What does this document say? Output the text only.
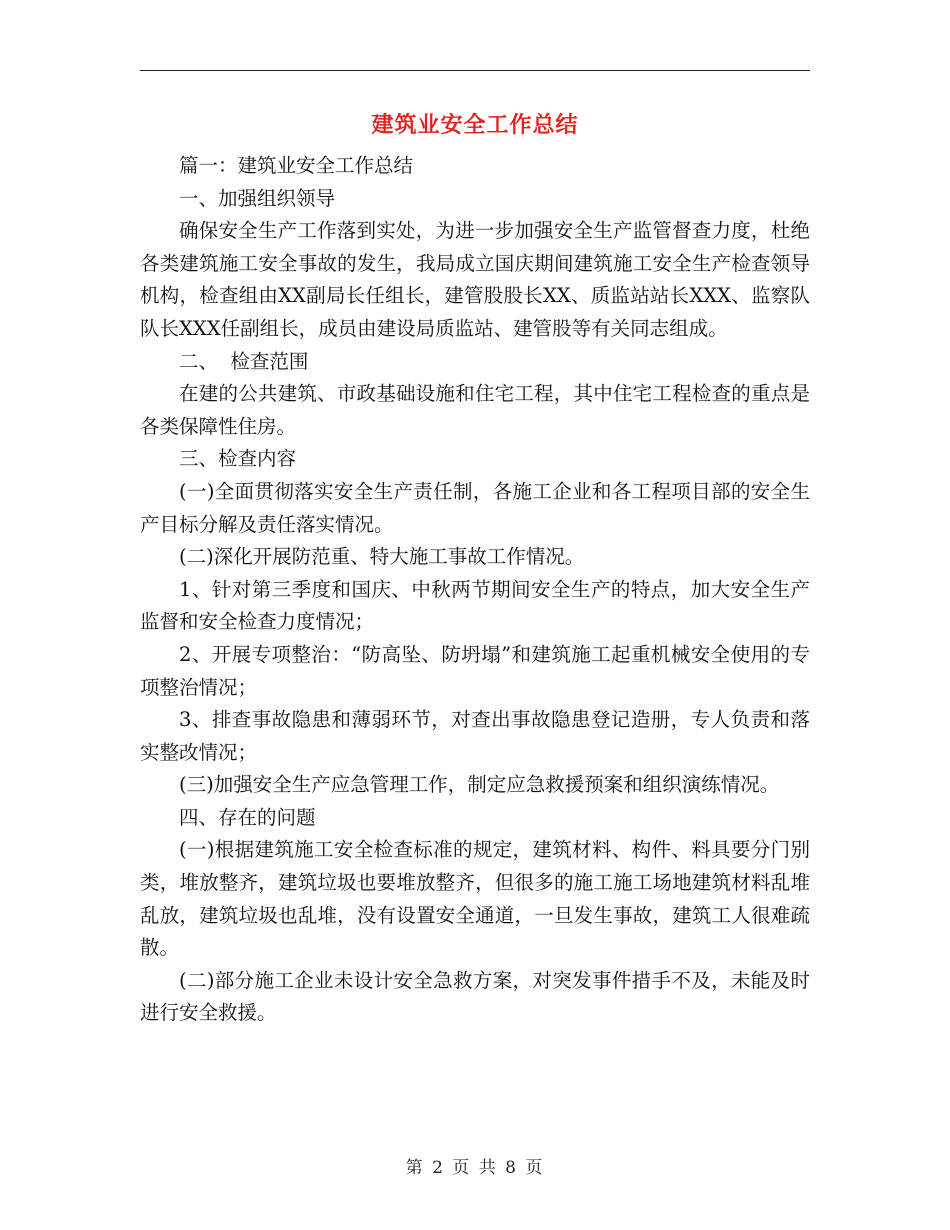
建筑业安全工作总结

篇一：建筑业安全工作总结

一、加强组织领导

确保安全生产工作落到实处，为进一步加强安全生产监管督查力度，杜绝各类建筑施工安全事故的发生，我局成立国庆期间建筑施工安全生产检查领导机构，检查组由XX副局长任组长，建管股股长XX、质监站站长XXX、监察队队长XXX任副组长，成员由建设局质监站、建管股等有关同志组成。

二、  检查范围

在建的公共建筑、市政基础设施和住宅工程，其中住宅工程检查的重点是各类保障性住房。

三、检查内容

(一)全面贯彻落实安全生产责任制，各施工企业和各工程项目部的安全生产目标分解及责任落实情况。

(二)深化开展防范重、特大施工事故工作情况。

1、针对第三季度和国庆、中秋两节期间安全生产的特点，加大安全生产监督和安全检查力度情况；

2、开展专项整治：“防高坠、防坍塌”和建筑施工起重机械安全使用的专项整治情况；

3、排查事故隐患和薄弱环节，对查出事故隐患登记造册，专人负责和落实整改情况；

(三)加强安全生产应急管理工作，制定应急救援预案和组织演练情况。

四、存在的问题

(一)根据建筑施工安全检查标准的规定，建筑材料、构件、料具要分门别类，堆放整齐，建筑垃圾也要堆放整齐，但很多的施工施工场地建筑材料乱堆乱放，建筑垃圾也乱堆，没有设置安全通道，一旦发生事故，建筑工人很难疏散。

(二)部分施工企业未设计安全急救方案，对突发事件措手不及，未能及时进行安全救援。

第 2 页 共 8 页
